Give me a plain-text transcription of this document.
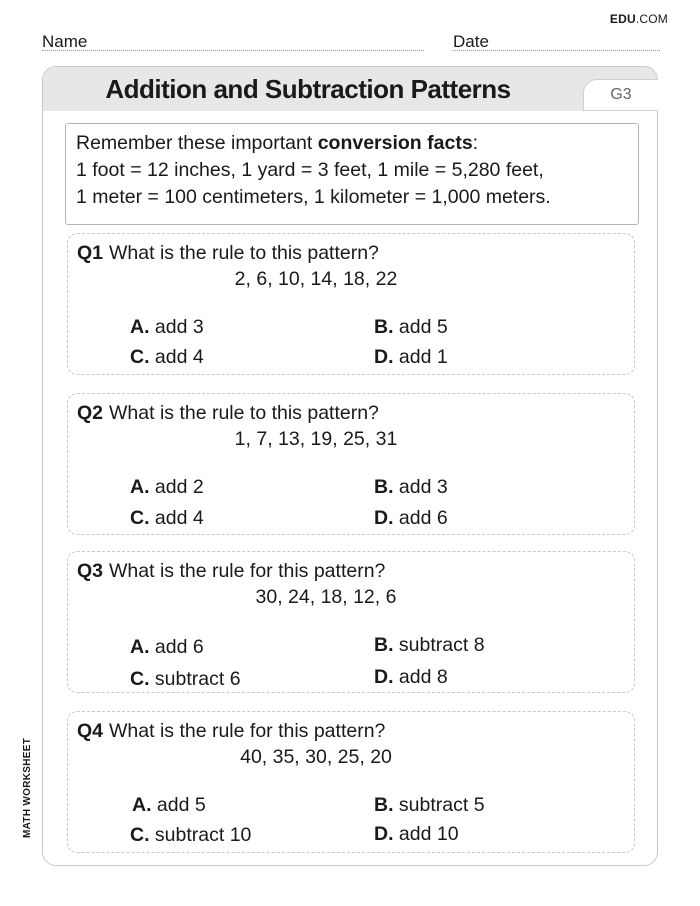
EDU.COM
Name	Date
Addition and Subtraction Patterns	G3
Remember these important conversion facts:
1 foot = 12 inches, 1 yard = 3 feet, 1 mile = 5,280 feet,
1 meter = 100 centimeters, 1 kilometer = 1,000 meters.
Q1 What is the rule to this pattern?
2, 6, 10, 14, 18, 22
A. add 3	B. add 5
C. add 4	D. add 1
Q2 What is the rule to this pattern?
1, 7, 13, 19, 25, 31
A. add 2	B. add 3
C. add 4	D. add 6
Q3 What is the rule for this pattern?
30, 24, 18, 12, 6
A. add 6	B. subtract 8
C. subtract 6	D. add 8
Q4 What is the rule for this pattern?
40, 35, 30, 25, 20
A. add 5	B. subtract 5
C. subtract 10	D. add 10
MATH WORKSHEET
